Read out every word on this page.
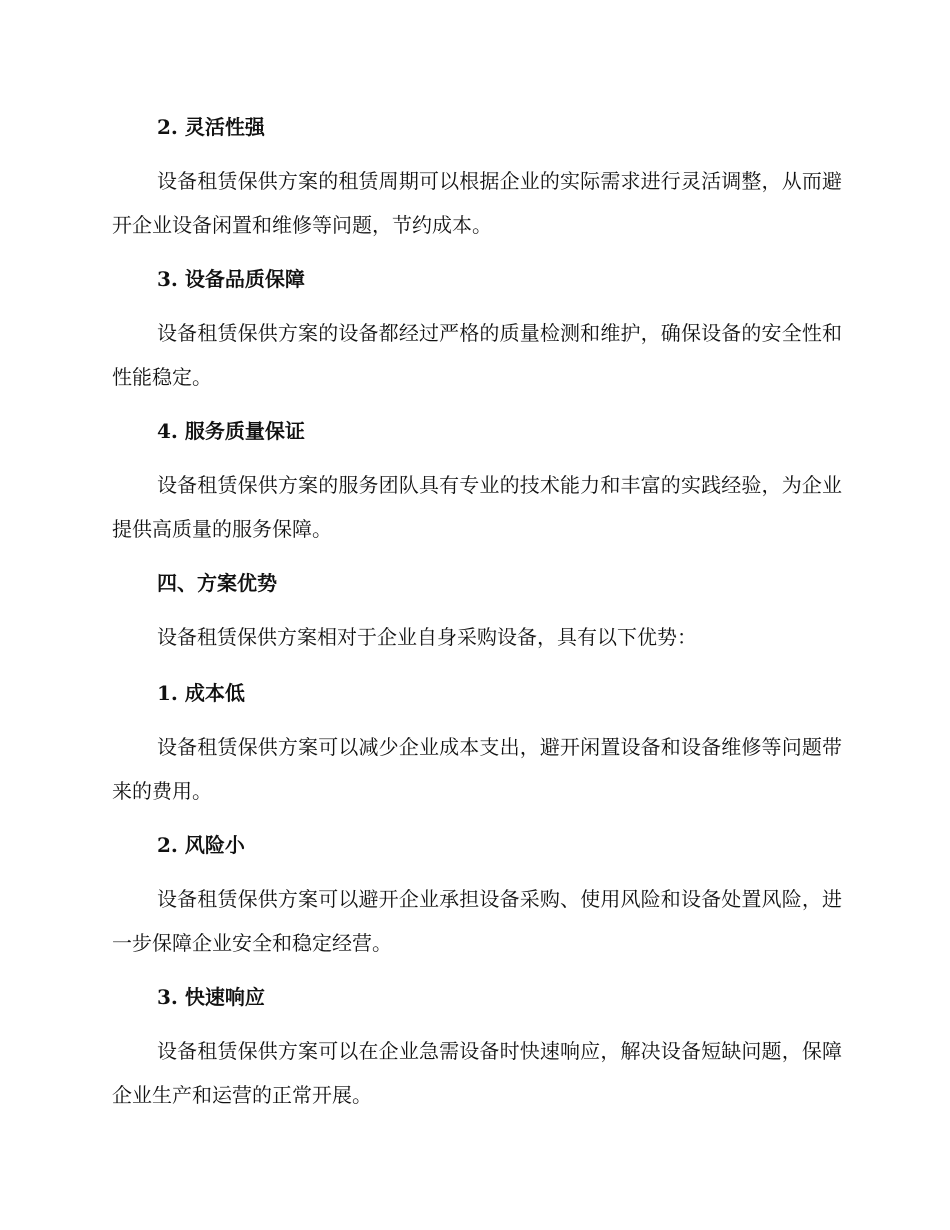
2. 灵活性强

设备租赁保供方案的租赁周期可以根据企业的实际需求进行灵活调整，从而避开企业设备闲置和维修等问题，节约成本。

3. 设备品质保障

设备租赁保供方案的设备都经过严格的质量检测和维护，确保设备的安全性和性能稳定。

4. 服务质量保证

设备租赁保供方案的服务团队具有专业的技术能力和丰富的实践经验，为企业提供高质量的服务保障。

四、方案优势

设备租赁保供方案相对于企业自身采购设备，具有以下优势：

1. 成本低

设备租赁保供方案可以减少企业成本支出，避开闲置设备和设备维修等问题带来的费用。

2. 风险小

设备租赁保供方案可以避开企业承担设备采购、使用风险和设备处置风险，进一步保障企业安全和稳定经营。

3. 快速响应

设备租赁保供方案可以在企业急需设备时快速响应，解决设备短缺问题，保障企业生产和运营的正常开展。
